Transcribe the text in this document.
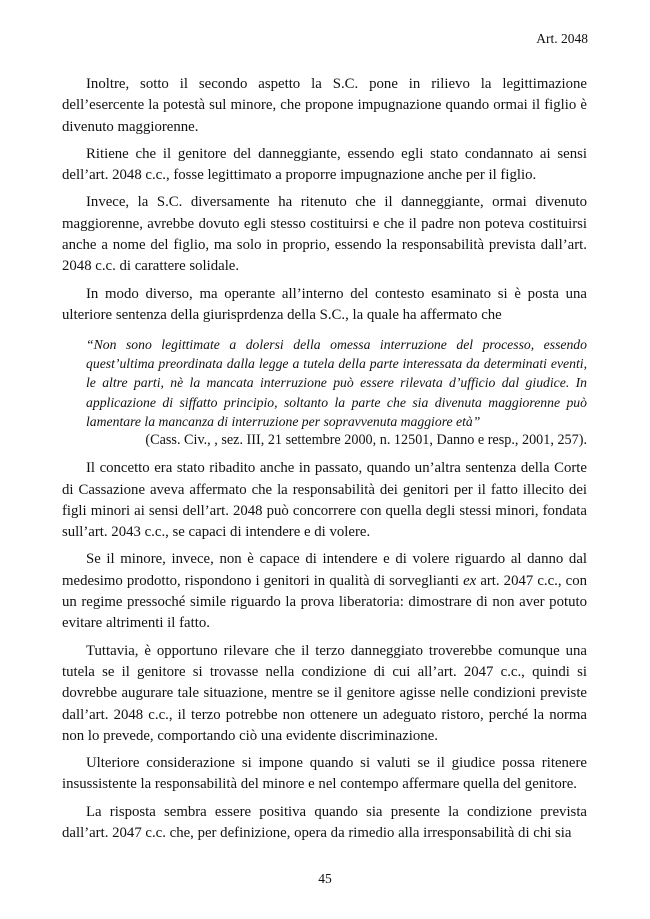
Art. 2048

Inoltre, sotto il secondo aspetto la S.C. pone in rilievo la legittimazione dell’esercente la potestà sul minore, che propone impugnazione quando ormai il figlio è divenuto maggiorenne.

Ritiene che il genitore del danneggiante, essendo egli stato condannato ai sensi dell’art. 2048 c.c., fosse legittimato a proporre impugnazione anche per il figlio.

Invece, la S.C. diversamente ha ritenuto che il danneggiante, ormai divenuto maggiorenne, avrebbe dovuto egli stesso costituirsi e che il padre non poteva costituirsi anche a nome del figlio, ma solo in proprio, essendo la responsabilità prevista dall’art. 2048 c.c. di carattere solidale.

In modo diverso, ma operante all’interno del contesto esaminato si è posta una ulteriore sentenza della giurisprdenza della S.C., la quale ha affermato che

“Non sono legittimate a dolersi della omessa interruzione del processo, essendo quest’ultima preordinata dalla legge a tutela della parte interessata da determinati eventi, le altre parti, nè la mancata interruzione può essere rilevata d’ufficio dal giudice. In applicazione di siffatto principio, soltanto la parte che sia divenuta maggiorenne può lamentare la mancanza di interruzione per sopravvenuta maggiore età”

(Cass. Civ., , sez. III, 21 settembre 2000, n. 12501, Danno e resp., 2001, 257).

Il concetto era stato ribadito anche in passato, quando un’altra sentenza della Corte di Cassazione aveva affermato che la responsabilità dei genitori per il fatto illecito dei figli minori ai sensi dell’art. 2048 può concorrere con quella degli stessi minori, fondata sull’art. 2043 c.c., se capaci di intendere e di volere.

Se il minore, invece, non è capace di intendere e di volere riguardo al danno dal medesimo prodotto, rispondono i genitori in qualità di sorveglianti ex art. 2047 c.c., con un regime pressoché simile riguardo la prova liberatoria: dimostrare di non aver potuto evitare altrimenti il fatto.

Tuttavia, è opportuno rilevare che il terzo danneggiato troverebbe comunque una tutela se il genitore si trovasse nella condizione di cui all’art. 2047 c.c., quindi si dovrebbe augurare tale situazione, mentre se il genitore agisse nelle condizioni previste dall’art. 2048 c.c., il terzo potrebbe non ottenere un adeguato ristoro, perché la norma non lo prevede, comportando ciò una evidente discriminazione.

Ulteriore considerazione si impone quando si valuti se il giudice possa ritenere insussistente la responsabilità del minore e nel contempo affermare quella del genitore.

La risposta sembra essere positiva quando sia presente la condizione prevista dall’art. 2047 c.c. che, per definizione, opera da rimedio alla irresponsabilità di chi sia

45
